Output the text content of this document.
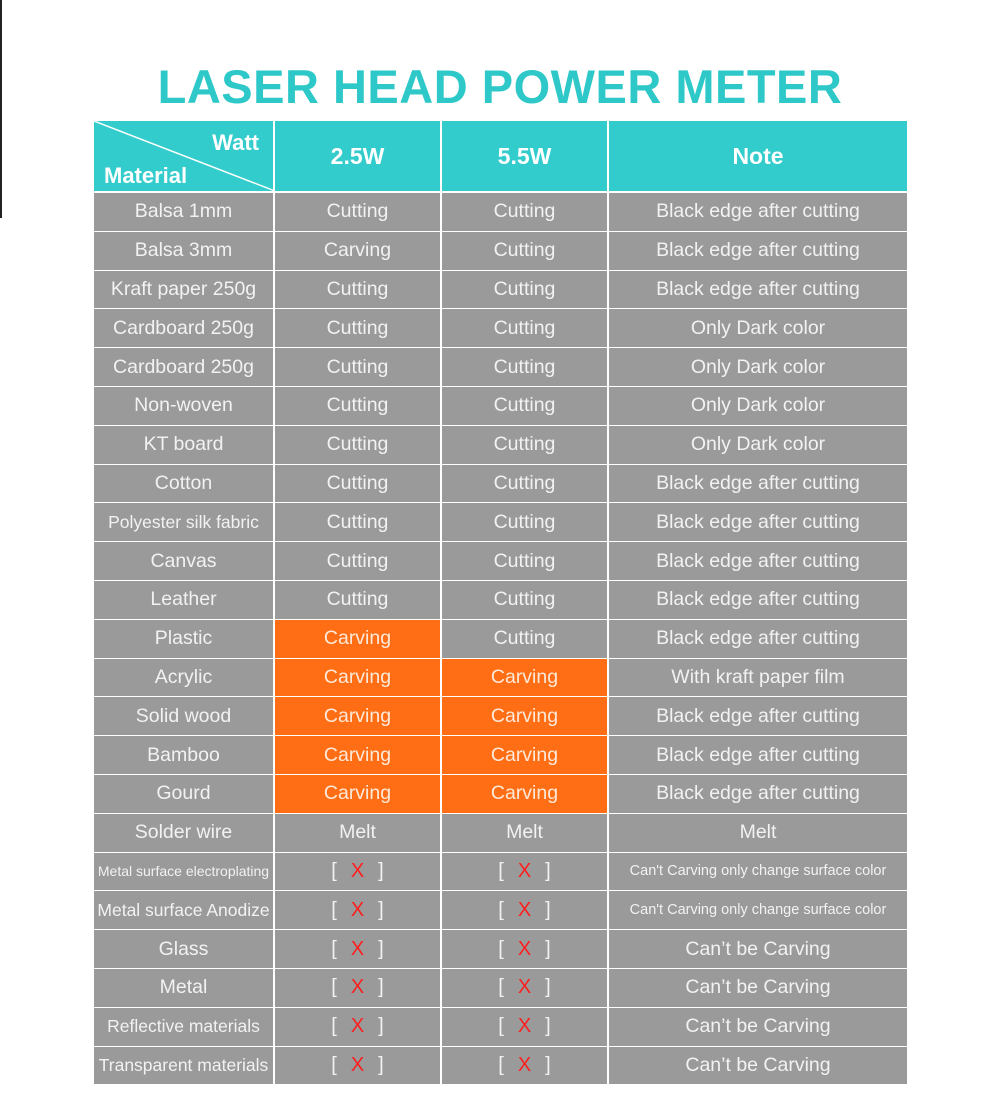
LASER HEAD POWER METER
Watt
Material
2.5W	5.5W	Note
Balsa 1mm	Cutting	Cutting	Black edge after cutting
Balsa 3mm	Carving	Cutting	Black edge after cutting
Kraft paper 250g	Cutting	Cutting	Black edge after cutting
Cardboard 250g	Cutting	Cutting	Only Dark color
Cardboard 250g	Cutting	Cutting	Only Dark color
Non-woven	Cutting	Cutting	Only Dark color
KT board	Cutting	Cutting	Only Dark color
Cotton	Cutting	Cutting	Black edge after cutting
Polyester silk fabric	Cutting	Cutting	Black edge after cutting
Canvas	Cutting	Cutting	Black edge after cutting
Leather	Cutting	Cutting	Black edge after cutting
Plastic	Carving	Cutting	Black edge after cutting
Acrylic	Carving	Carving	With kraft paper film
Solid wood	Carving	Carving	Black edge after cutting
Bamboo	Carving	Carving	Black edge after cutting
Gourd	Carving	Carving	Black edge after cutting
Solder wire	Melt	Melt	Melt
Metal surface electroplating	[ X ]	[ X ]	Can't Carving only change surface color
Metal surface Anodize	[ X ]	[ X ]	Can't Carving only change surface color
Glass	[ X ]	[ X ]	Can’t be Carving
Metal	[ X ]	[ X ]	Can’t be Carving
Reflective materials	[ X ]	[ X ]	Can’t be Carving
Transparent materials	[ X ]	[ X ]	Can’t be Carving
